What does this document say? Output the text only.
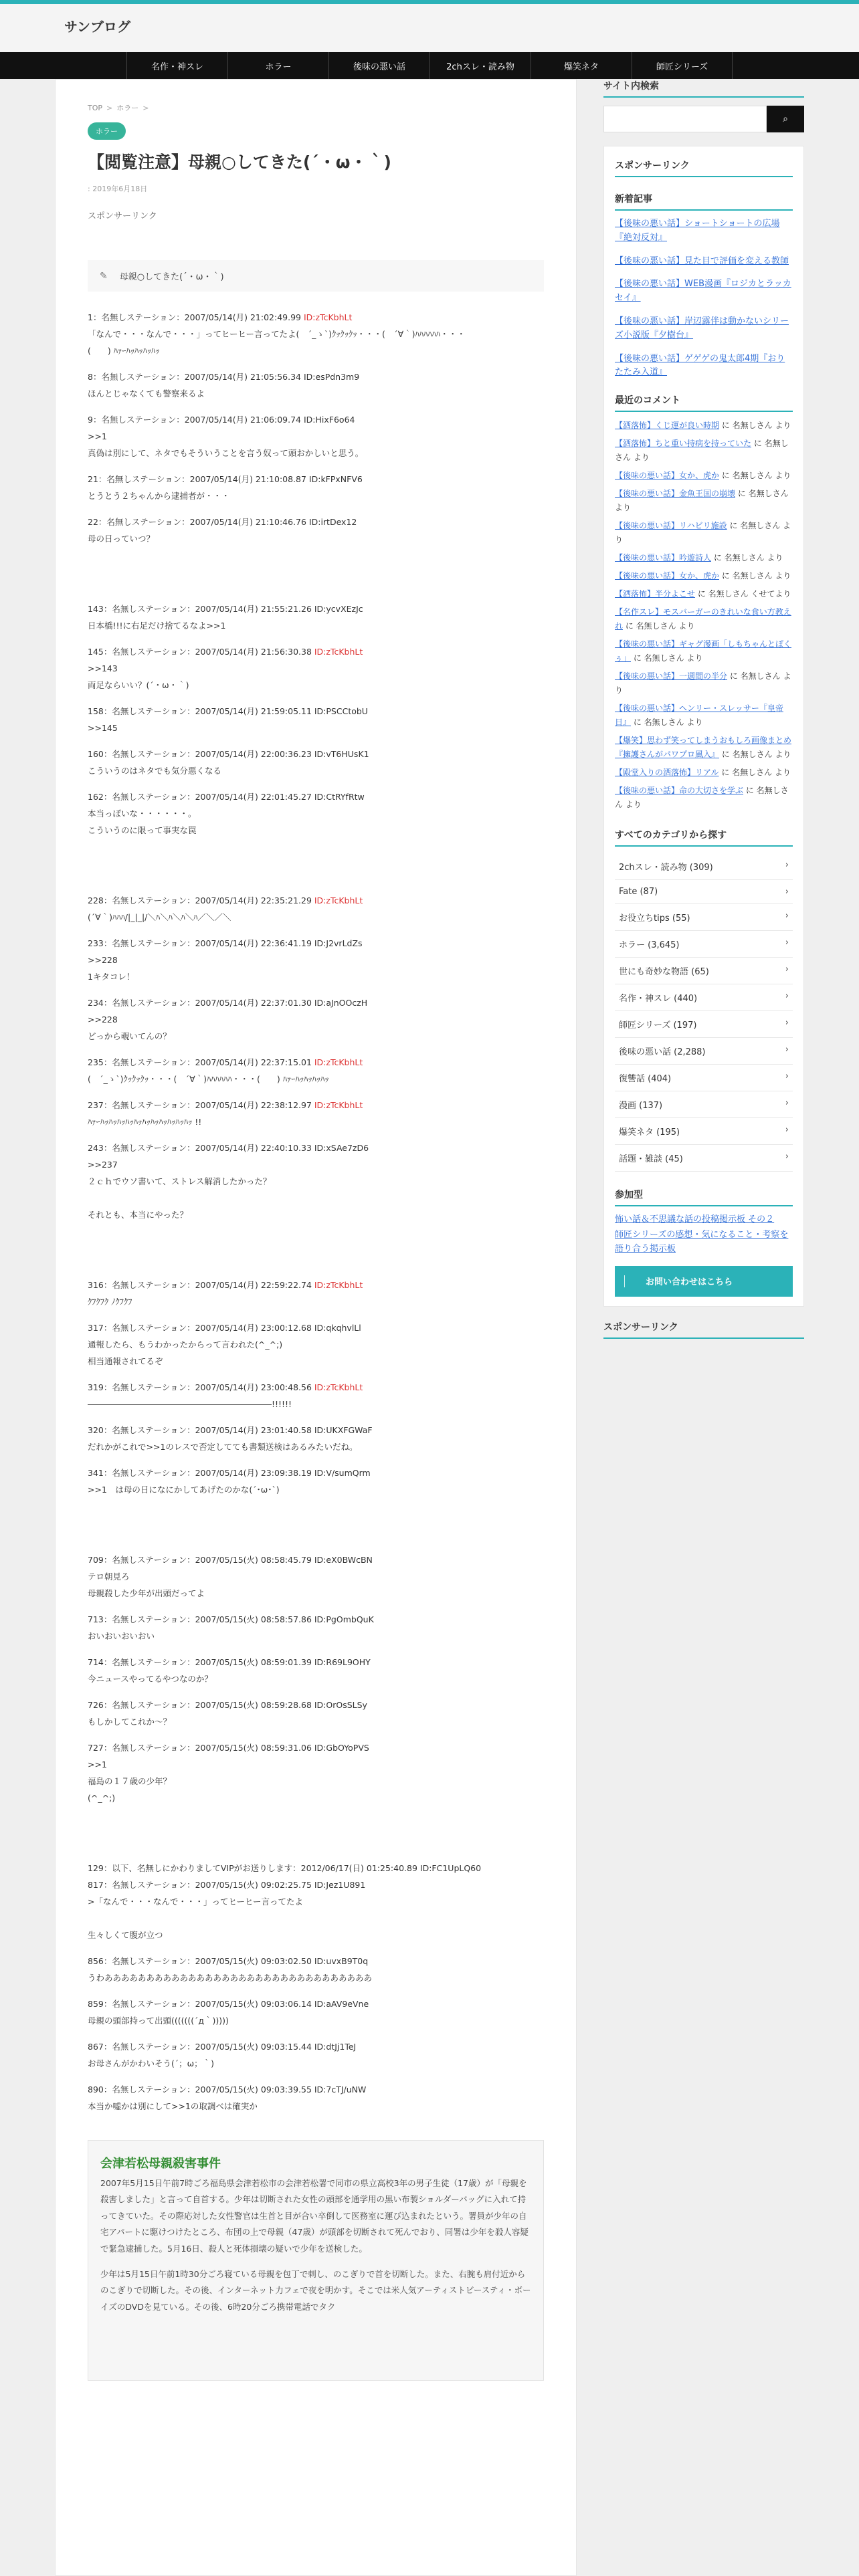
サンブログ
名作・神スレ	ホラー	後味の悪い話	2chスレ・読み物	爆笑ネタ	師匠シリーズ
TOP > ホラー >
ホラー
【閲覧注意】母親○してきた(´・ω・｀)
: 2019年6月18日
スポンサーリンク
✎ 母親○してきた(´・ω・｀)
1：名無しステーション：2007/05/14(月) 21:02:49.99 ID:zTcKbhLt
「なんで・・・なんで・・・」ってヒーヒー言ってたよ(　´_ゝ`)ｸｯｸｯｸｯ・・・(　´∀｀)ﾊﾊﾊﾊﾊﾊ・・・
(　　) ﾊｧｰﾊｯﾊｯﾊｯﾊｯ
8：名無しステーション：2007/05/14(月) 21:05:56.34 ID:esPdn3m9
ほんとじゃなくても警察来るよ
9：名無しステーション：2007/05/14(月) 21:06:09.74 ID:HixF6o64
>>1
真偽は別にして、ネタでもそういうことを言う奴って頭おかしいと思う。
21：名無しステーション：2007/05/14(月) 21:10:08.87 ID:kFPxNFV6
とうとう２ちゃんから逮捕者が・・・
22：名無しステーション：2007/05/14(月) 21:10:46.76 ID:irtDex12
母の日っていつ？
143：名無しステーション：2007/05/14(月) 21:55:21.26 ID:ycvXEzJc
日本橋!!!に右足だけ捨てるなよ>>1
145：名無しステーション：2007/05/14(月) 21:56:30.38 ID:zTcKbhLt
>>143
両足ならいい？(´・ω・｀)
158：名無しステーション：2007/05/14(月) 21:59:05.11 ID:PSCCtobU
>>145
160：名無しステーション：2007/05/14(月) 22:00:36.23 ID:vT6HUsK1
こういうのはネタでも気分悪くなる
162：名無しステーション：2007/05/14(月) 22:01:45.27 ID:CtRYfRtw
本当っぽいな・・・・・・。
こういうのに限って事実な罠
228：名無しステーション：2007/05/14(月) 22:35:21.29 ID:zTcKbhLt
(´∀｀)ﾊﾊﾊ/|_|_|/＼ﾊ＼ﾊ＼ﾊ＼ﾊ／＼／＼
233：名無しステーション：2007/05/14(月) 22:36:41.19 ID:J2vrLdZs
>>228
1キタコレ！
234：名無しステーション：2007/05/14(月) 22:37:01.30 ID:aJnOOczH
>>228
どっから覗いてんの？
235：名無しステーション：2007/05/14(月) 22:37:15.01 ID:zTcKbhLt
(　´_ゝ`)ｸｯｸｯｸｯ・・・(　´∀｀)ﾊﾊﾊﾊﾊﾊ・・・(　　) ﾊｧｰﾊｯﾊｯﾊｯﾊｯ
237：名無しステーション：2007/05/14(月) 22:38:12.97 ID:zTcKbhLt
ﾊｧｰﾊｯﾊｯﾊｯﾊｯﾊｯﾊｯﾊｯﾊｯﾊｯﾊｯﾊｯ !!
243：名無しステーション：2007/05/14(月) 22:40:10.33 ID:xSAe7zD6
>>237
２ｃｈでウソ書いて、ストレス解消したかった？

それとも、本当にやった？
316：名無しステーション：2007/05/14(月) 22:59:22.74 ID:zTcKbhLt
ｸﾌｸﾌｸ ﾉｸﾌｸﾌ
317：名無しステーション：2007/05/14(月) 23:00:12.68 ID:qkqhvlLl
通報したら、もうわかったからって言われた(^_^;)
相当通報されてるぞ
319：名無しステーション：2007/05/14(月) 23:00:48.56 ID:zTcKbhLt
――――――――――――――――――――――!!!!!!
320：名無しステーション：2007/05/14(月) 23:01:40.58 ID:UKXFGWaF
だれかがこれで>>1のレスで否定してても書類送検はあるみたいだね。
341：名無しステーション：2007/05/14(月) 23:09:38.19 ID:V/sumQrm
>>1　は母の日になにかしてあげたのかな(´･ω･`)
709：名無しステーション：2007/05/15(火) 08:58:45.79 ID:eX0BWcBN
テロ朝見ろ
母親殺した少年が出頭だってよ
713：名無しステーション：2007/05/15(火) 08:58:57.86 ID:PgOmbQuK
おいおいおいおい
714：名無しステーション：2007/05/15(火) 08:59:01.39 ID:R69L9OHY
今ニュースやってるやつなのか？
726：名無しステーション：2007/05/15(火) 08:59:28.68 ID:OrOsSLSy
もしかしてこれか～？
727：名無しステーション：2007/05/15(火) 08:59:31.06 ID:GbOYoPVS
>>1
福島の１７歳の少年？
(^_^;)
129：以下、名無しにかわりましてVIPがお送りします：2012/06/17(日) 01:25:40.89 ID:FC1UpLQ60
817：名無しステーション：2007/05/15(火) 09:02:25.75 ID:Jez1U891
>「なんで・・・なんで・・・」ってヒーヒー言ってたよ

生々しくて腹が立つ
856：名無しステーション：2007/05/15(火) 09:03:02.50 ID:uvxB9T0q
うわああああああああああああああああああああああああああああああああ
859：名無しステーション：2007/05/15(火) 09:03:06.14 ID:aAV9eVne
母親の頭部持って出頭(((((((´д｀)))))
867：名無しステーション：2007/05/15(火) 09:03:15.44 ID:dtJj1TeJ
お母さんがかわいそう(´；ω；｀)
890：名無しステーション：2007/05/15(火) 09:03:39.55 ID:7cTJ/uNW
本当か嘘かは別にして>>1の取調べは確実か
会津若松母親殺害事件

2007年5月15日午前7時ごろ福島県会津若松市の会津若松署で同市の県立高校3年の男子生徒（17歳）が「母親を殺害しました」と言って自首する。少年は切断された女性の頭部を通学用の黒い布製ショルダーバッグに入れて持ってきていた。その際応対した女性警官は生首と目が合い卒倒して医務室に運び込まれたという。署員が少年の自宅アパートに駆けつけたところ、布団の上で母親（47歳）が頭部を切断されて死んでおり、同署は少年を殺人容疑で緊急逮捕した。5月16日、殺人と死体損壊の疑いで少年を送検した。

少年は5月15日午前1時30分ごろ寝ている母親を包丁で刺し、のこぎりで首を切断した。また、右腕も肩付近からのこぎりで切断した。その後、インターネット力フェで夜を明かす。そこでは米人気アーティストビースティ・ボーイズのDVDを見ている。その後、6時20分ごろ携帯電話でタク

サイト内検索
⌕
スポンサーリンク
新着記事
【後味の悪い話】ショートショートの広場『絶対反対』
【後味の悪い話】見た目で評価を変える教師
【後味の悪い話】WEB漫画『ロジカとラッカセイ』
【後味の悪い話】岸辺露伴は動かないシリーズ小説版『夕樹台』
【後味の悪い話】ゲゲゲの鬼太郎4期『おりたたみ入道』
最近のコメント
【洒落怖】くじ運が良い時期 に 名無しさん より
【洒落怖】ちと重い持病を持っていた に 名無しさん より
【後味の悪い話】女か、虎か に 名無しさん より
【後味の悪い話】金魚王国の崩壊 に 名無しさん より
【後味の悪い話】リハビリ施設 に 名無しさん より
【後味の悪い話】吟遊詩人 に 名無しさん より
【後味の悪い話】女か、虎か に 名無しさん より
【洒落怖】半分よこせ に 名無しさん くせてより
【名作スレ】モスバーガーのきれいな食い方教えれ に 名無しさん より
【後味の悪い話】ギャグ漫画「しもちゃんとぽくぅ」 に 名無しさん より
【後味の悪い話】一週間の半分 に 名無しさん より
【後味の悪い話】ヘンリー・スレッサー『皇帝日』 に 名無しさん より
【爆笑】思わず笑ってしまうおもしろ画像まとめ『擁護さんがパワプロ風入』 に 名無しさん より
【殿堂入りの洒落怖】リアル に 名無しさん より
【後味の悪い話】命の大切さを学ぶ に 名無しさん より
すべてのカテゴリから探す
2chスレ・読み物 (309)	›
Fate (87)	›
お役立ちtips (55)	›
ホラー (3,645)	›
世にも奇妙な物語 (65)	›
名作・神スレ (440)	›
師匠シリーズ (197)	›
後味の悪い話 (2,288)	›
復讐話 (404)	›
漫画 (137)	›
爆笑ネタ (195)	›
話題・雑談 (45)	›
参加型
怖い話＆不思議な話の投稿掲示板 その２
師匠シリーズの感想・気になること・考察を語り合う掲示板
お問い合わせはこちら
スポンサーリンク
